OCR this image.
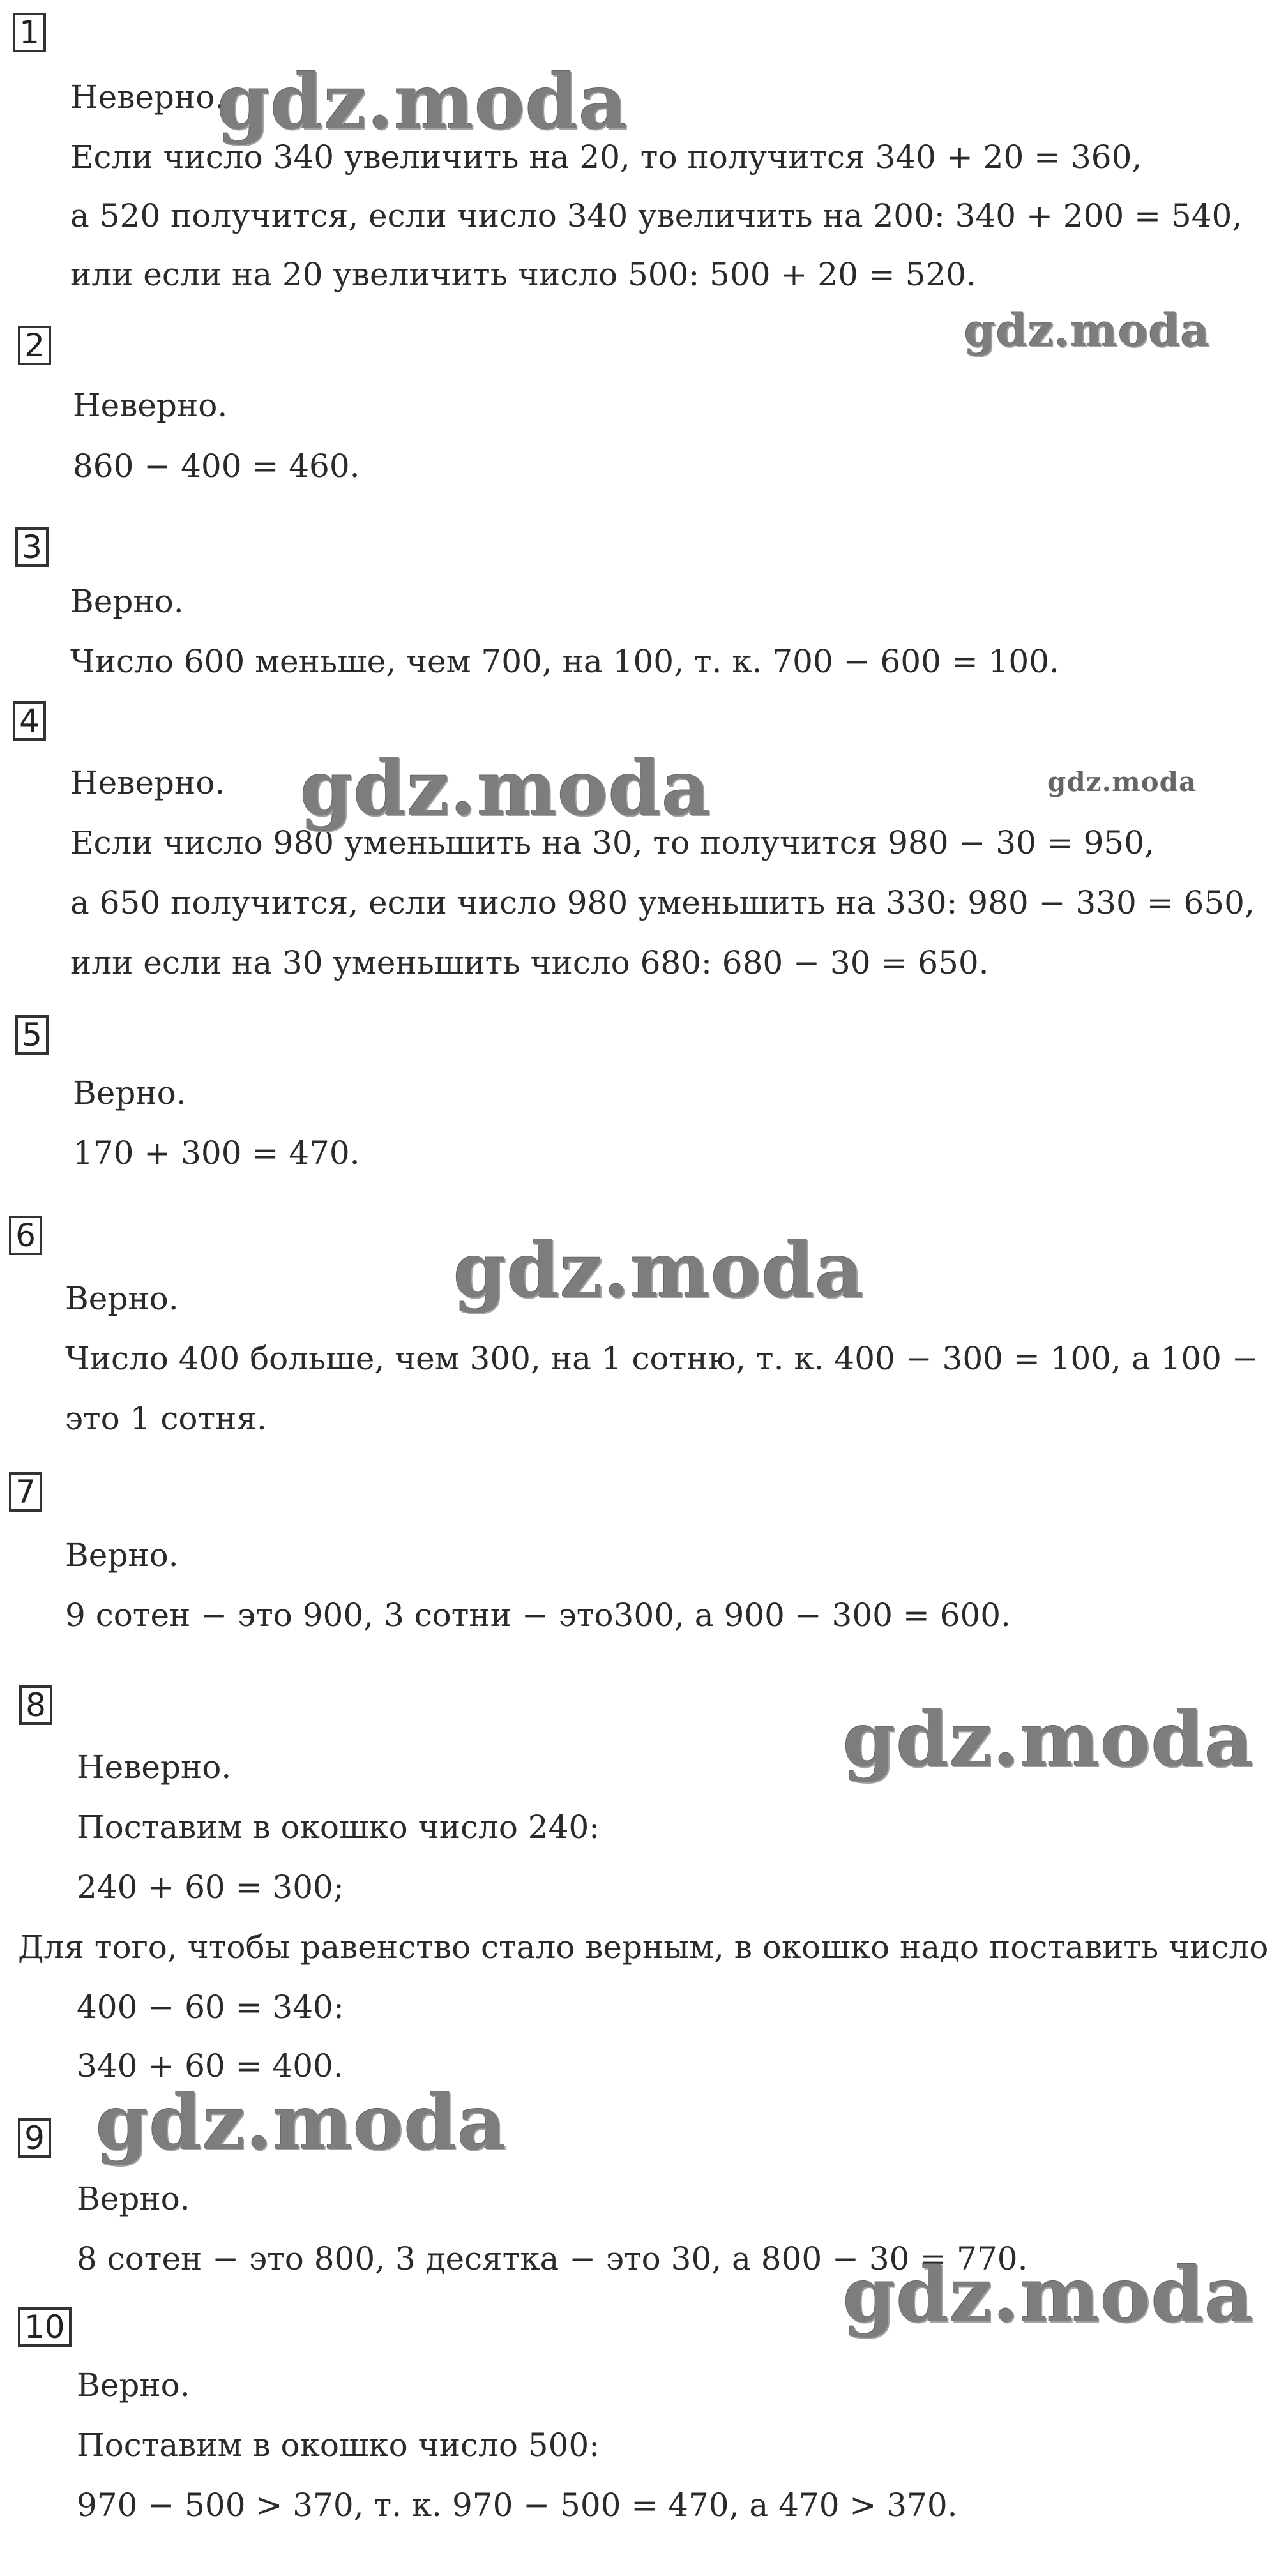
1
Неверно.
Если число 340 увеличить на 20, то получится 340 + 20 = 360,
а 520 получится, если число 340 увеличить на 200: 340 + 200 = 540,
или если на 20 увеличить число 500: 500 + 20 = 520.
2
Неверно.
860 − 400 = 460.
3
Верно.
Число 600 меньше, чем 700, на 100, т. к. 700 − 600 = 100.
4
Неверно.
Если число 980 уменьшить на 30, то получится 980 − 30 = 950,
а 650 получится, если число 980 уменьшить на 330: 980 − 330 = 650,
или если на 30 уменьшить число 680: 680 − 30 = 650.
5
Верно.
170 + 300 = 470.
6
Верно.
Число 400 больше, чем 300, на 1 сотню, т. к. 400 − 300 = 100, а 100 −
это 1 сотня.
7
Верно.
9 сотен − это 900, 3 сотни − это300, а 900 − 300 = 600.
8
Неверно.
Поставим в окошко число 240:
240 + 60 = 300;
Для того, чтобы равенство стало верным, в окошко надо поставить число
400 − 60 = 340:
340 + 60 = 400.
9
Верно.
8 сотен − это 800, 3 десятка − это 30, а 800 − 30 = 770.
10
Верно.
Поставим в окошко число 500:
970 − 500 > 370, т. к. 970 − 500 = 470, а 470 > 370.
gdz.moda
gdz.moda
gdz.moda	gdz.moda
gdz.moda
gdz.moda
gdz.moda
gdz.moda
